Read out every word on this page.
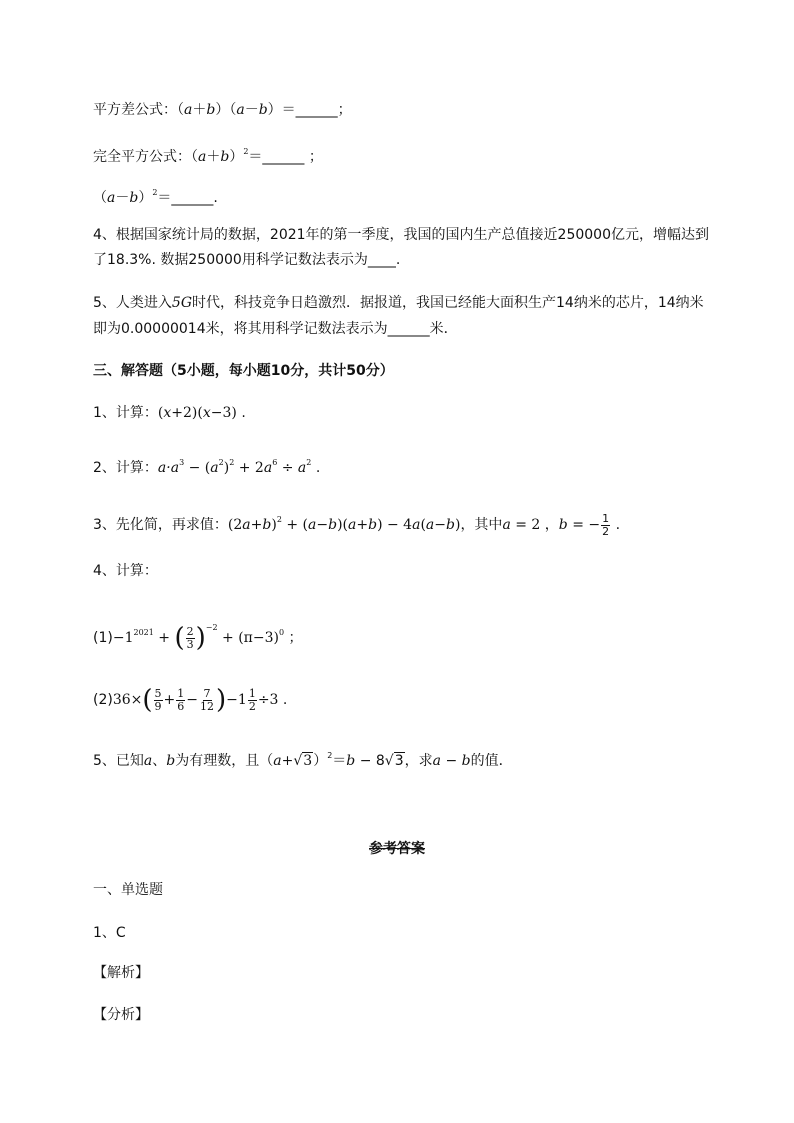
平方差公式：（a＋b）（a－b）＝______；
完全平方公式：$(a+b)^2=\_\_\_\_\_\_$ ；
$(a-b)^2=\_\_\_\_\_\_$.
4、根据国家统计局的数据，2021年的第一季度，我国的国内生产总值接近250000亿元，增幅达到
了18.3%. 数据250000用科学记数法表示为____.
5、人类进入5G时代，科技竞争日趋激烈．据报道，我国已经能大面积生产14纳米的芯片，14纳米
即为0.00000014米，将其用科学记数法表示为______米．
三、解答题（5小题，每小题10分，共计50分）
1、计算：(x+2)(x−3) .
2、计算：$a\cdot a^3 - (a^2)^2 + 2a^6 \div a^2$ .
3、先化简，再求值：$(2a+b)^2 + (a-b)(a+b) - 4a(a-b)$，其中a = 2 ，b = − $\frac{1}{2}$ .
4、计算：
$(1)-1^{2021}$ + ( $\frac{2}{3} )^{-2} + (\pi-3)^0$ ；
$(2)36\times( \frac{5}{9} + \frac{1}{6} - \frac{7}{12} )-1 \frac{1}{2} \div 3$ .
5、已知a、b为有理数，且$(a+√3)^2=b - 8√3$，求a − b的值．
参考答案
一、单选题
1、C
【解析】
【分析】
